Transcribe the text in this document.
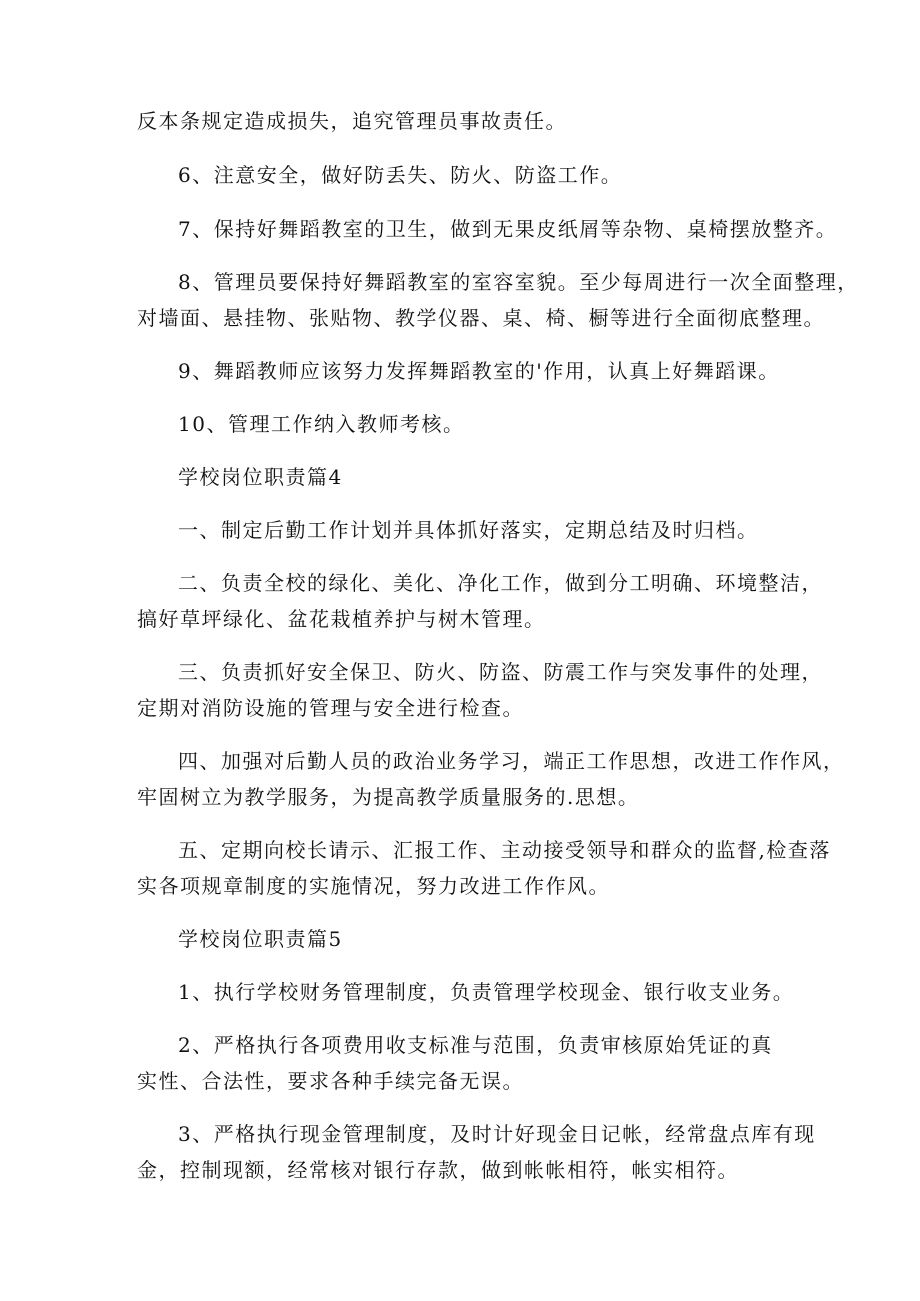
反本条规定造成损失，追究管理员事故责任。

6、注意安全，做好防丢失、防火、防盗工作。

7、保持好舞蹈教室的卫生，做到无果皮纸屑等杂物、桌椅摆放整齐。

8、管理员要保持好舞蹈教室的室容室貌。至少每周进行一次全面整理，

对墙面、悬挂物、张贴物、教学仪器、桌、椅、橱等进行全面彻底整理。

9、舞蹈教师应该努力发挥舞蹈教室的'作用，认真上好舞蹈课。

10、管理工作纳入教师考核。

学校岗位职责篇4

一、制定后勤工作计划并具体抓好落实，定期总结及时归档。

二、负责全校的绿化、美化、净化工作，做到分工明确、环境整洁，

搞好草坪绿化、盆花栽植养护与树木管理。

三、负责抓好安全保卫、防火、防盗、防震工作与突发事件的处理，

定期对消防设施的管理与安全进行检查。

四、加强对后勤人员的政治业务学习，端正工作思想，改进工作作风，

牢固树立为教学服务，为提高教学质量服务的.思想。

五、定期向校长请示、汇报工作、主动接受领导和群众的监督,检查落

实各项规章制度的实施情况，努力改进工作作风。

学校岗位职责篇5

1、执行学校财务管理制度，负责管理学校现金、银行收支业务。

2、严格执行各项费用收支标准与范围，负责审核原始凭证的真

实性、合法性，要求各种手续完备无误。

3、严格执行现金管理制度，及时计好现金日记帐，经常盘点库有现

金，控制现额，经常核对银行存款，做到帐帐相符，帐实相符。
